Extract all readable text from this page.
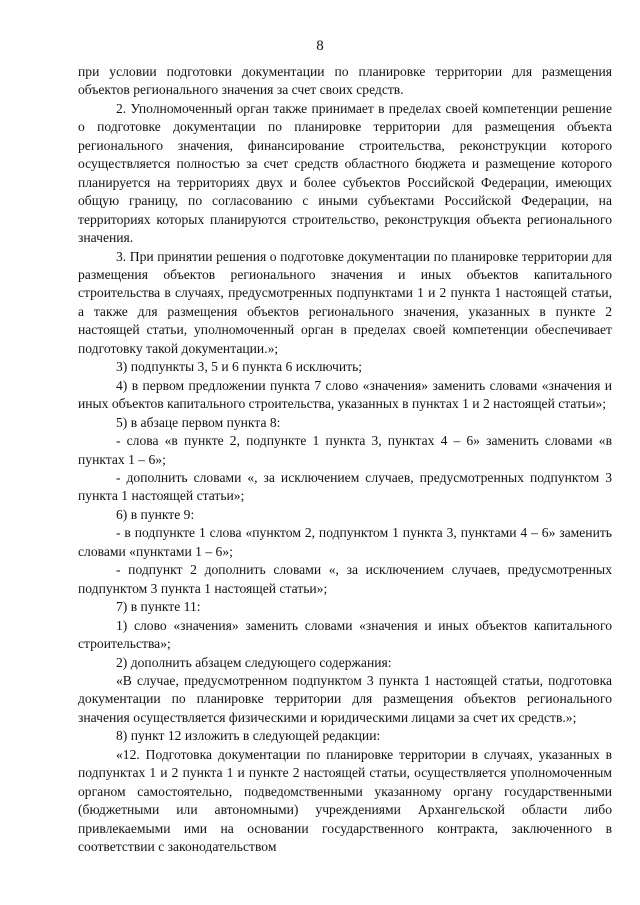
8

при условии подготовки документации по планировке территории для размещения объектов регионального значения за счет своих средств.

2. Уполномоченный орган также принимает в пределах своей компетенции решение о подготовке документации по планировке территории для размещения объекта регионального значения, финансирование строительства, реконструкции которого осуществляется полностью за счет средств областного бюджета и размещение которого планируется на территориях двух и более субъектов Российской Федерации, имеющих общую границу, по согласованию с иными субъектами Российской Федерации, на территориях которых планируются строительство, реконструкция объекта регионального значения.

3. При принятии решения о подготовке документации по планировке территории для размещения объектов регионального значения и иных объектов капитального строительства в случаях, предусмотренных подпунктами 1 и 2 пункта 1 настоящей статьи, а также для размещения объектов регионального значения, указанных в пункте 2 настоящей статьи, уполномоченный орган в пределах своей компетенции обеспечивает подготовку такой документации.»;

3) подпункты 3, 5 и 6 пункта 6 исключить;

4) в первом предложении пункта 7 слово «значения» заменить словами «значения и иных объектов капитального строительства, указанных в пунктах 1 и 2 настоящей статьи»;

5) в абзаце первом пункта 8:

- слова «в пункте 2, подпункте 1 пункта 3, пунктах 4 – 6» заменить словами «в пунктах 1 – 6»;

- дополнить словами «, за исключением случаев, предусмотренных подпунктом 3 пункта 1 настоящей статьи»;

6) в пункте 9:

- в подпункте 1 слова «пунктом 2, подпунктом 1 пункта 3, пунктами 4 – 6» заменить словами «пунктами 1 – 6»;

- подпункт 2 дополнить словами «, за исключением случаев, предусмотренных подпунктом 3 пункта 1 настоящей статьи»;

7) в пункте 11:

1) слово «значения» заменить словами «значения и иных объектов капитального строительства»;

2) дополнить абзацем следующего содержания:

«В случае, предусмотренном подпунктом 3 пункта 1 настоящей статьи, подготовка документации по планировке территории для размещения объектов регионального значения осуществляется физическими и юридическими лицами за счет их средств.»;

8) пункт 12 изложить в следующей редакции:

«12. Подготовка документации по планировке территории в случаях, указанных в подпунктах 1 и 2 пункта 1 и пункте 2 настоящей статьи, осуществляется уполномоченным органом самостоятельно, подведомственными указанному органу государственными (бюджетными или автономными) учреждениями Архангельской области либо привлекаемыми ими на основании государственного контракта, заключенного в соответствии с законодательством
